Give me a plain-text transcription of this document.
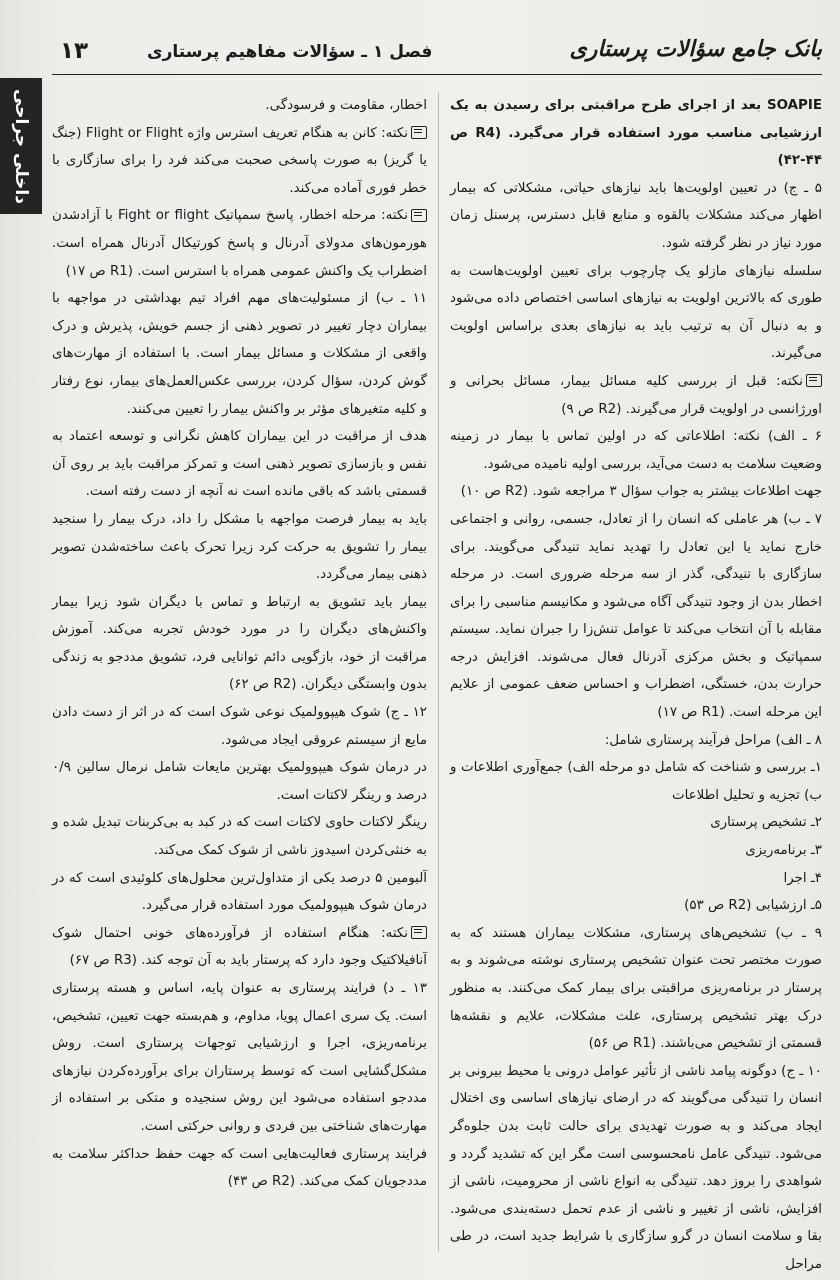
بانک جامع سؤالات پرستاری
فصل ۱ ـ سؤالات مفاهیم پرستاری
۱۳
داخلی جراحی	SOAPIE بعد از اجرای طرح مراقبتی برای رسیدن به یک ارزشیابی مناسب مورد استفاده قرار می‌گیرد. (R4 ص ۴۴-۴۲)

۵ ـ ج) در تعیین اولویت‌ها باید نیازهای حیاتی، مشکلاتی که بیمار اظهار می‌کند مشکلات بالقوه و منابع قابل دسترس، پرسنل زمان مورد نیاز در نظر گرفته شود.

سلسله نیازهای مازلو یک چارچوب برای تعیین اولویت‌هاست به طوری که بالاترین اولویت به نیازهای اساسی اختصاص داده می‌شود و به دنبال آن به ترتیب باید به نیازهای بعدی براساس اولویت می‌گیرند.

نکته: قبل از بررسی کلیه مسائل بیمار، مسائل بحرانی و اورژانسی در اولویت قرار می‌گیرند. (R2 ص ۹)

۶ ـ الف) نکته: اطلاعاتی که در اولین تماس با بیمار در زمینه وضعیت سلامت به دست می‌آید، بررسی اولیه نامیده می‌شود.

جهت اطلاعات بیشتر به جواب سؤال ۳ مراجعه شود. (R2 ص ۱۰)

۷ ـ ب) هر عاملی که انسان را از تعادل، جسمی، روانی و اجتماعی خارج نماید یا این تعادل را تهدید نماید تنیدگی می‌گویند. برای سازگاری با تنیدگی، گذر از سه مرحله ضروری است. در مرحله اخطار بدن از وجود تنیدگی آگاه می‌شود و مکانیسم مناسبی را برای مقابله با آن انتخاب می‌کند تا عوامل تنش‌زا را جبران نماید. سیستم سمپاتیک و بخش مرکزی آدرنال فعال می‌شوند. افزایش درجه حرارت بدن، خستگی، اضطراب و احساس ضعف عمومی از علایم این مرحله است. (R1 ص ۱۷)

۸ ـ الف) مراحل فرآیند پرستاری شامل:

۱ـ بررسی و شناخت که شامل دو مرحله الف) جمع‌آوری اطلاعات و ب) تجزیه و تحلیل اطلاعات

۲ـ تشخیص پرستاری

۳ـ برنامه‌ریزی

۴ـ اجرا

۵ـ ارزشیابی (R2 ص ۵۳)

۹ ـ ب) تشخیص‌های پرستاری، مشکلات بیماران هستند که به صورت مختصر تحت عنوان تشخیص پرستاری نوشته می‌شوند و به پرستار در برنامه‌ریزی مراقبتی برای بیمار کمک می‌کنند. به منظور درک بهتر تشخیص پرستاری، علت مشکلات، علایم و نقشه‌ها قسمتی از تشخیص می‌باشند. (R1 ص ۵۶)

۱۰ ـ ج) دوگونه پیامد ناشی از تأثیر عوامل درونی یا محیط بیرونی بر انسان را تنیدگی می‌گویند که در ارضای نیازهای اساسی وی اختلال ایجاد می‌کند و به صورت تهدیدی برای حالت ثابت بدن جلوه‌گر می‌شود. تنیدگی عامل نامحسوسی است مگر این که تشدید گردد و شواهدی را بروز دهد. تنیدگی به انواع ناشی از محرومیت، ناشی از افزایش، ناشی از تغییر و ناشی از عدم تحمل دسته‌بندی می‌شود. بقا و سلامت انسان در گرو سازگاری با شرایط جدید است، در طی مراحل

اخطار، مقاومت و فرسودگی.

نکته: کانن به هنگام تعریف استرس واژه Flight or Flight (جنگ یا گریز) به صورت پاسخی صحبت می‌کند فرد را برای سازگاری با خطر فوری آماده می‌کند.

نکته: مرحله اخطار، پاسخ سمپاتیک Fight or flight با آزادشدن هورمون‌های مدولای آدرنال و پاسخ کورتیکال آدرنال همراه است. اضطراب یک واکنش عمومی همراه با استرس است. (R1 ص ۱۷)

۱۱ ـ ب) از مسئولیت‌های مهم افراد تیم بهداشتی در مواجهه با بیماران دچار تغییر در تصویر ذهنی از جسم خویش، پذیرش و درک واقعی از مشکلات و مسائل بیمار است. با استفاده از مهارت‌های گوش کردن، سؤال کردن، بررسی عکس‌العمل‌های بیمار، نوع رفتار و کلیه متغیرهای مؤثر بر واکنش بیمار را تعیین می‌کنند.

هدف از مراقبت در این بیماران کاهش نگرانی و توسعه اعتماد به نفس و بازسازی تصویر ذهنی است و تمرکز مراقبت باید بر روی آن قسمتی باشد که باقی مانده است نه آنچه از دست رفته است.

باید به بیمار فرصت مواجهه با مشکل را داد، درک بیمار را سنجید بیمار را تشویق به حرکت کرد زیرا تحرک باعث ساخته‌شدن تصویر ذهنی بیمار می‌گردد.

بیمار باید تشویق به ارتباط و تماس با دیگران شود زیرا بیمار واکنش‌های دیگران را در مورد خودش تجربه می‌کند. آموزش مراقبت از خود، بازگویی دائم توانایی فرد، تشویق مددجو به زندگی بدون وابستگی دیگران. (R2 ص ۶۲)

۱۲ ـ ج) شوک هیپوولمیک نوعی شوک است که در اثر از دست دادن مایع از سیستم عروقی ایجاد می‌شود.

در درمان شوک هیپوولمیک بهترین مایعات شامل نرمال سالین ۰/۹ درصد و رینگر لاکتات است.

رینگر لاکتات حاوی لاکتات است که در کبد به بی‌کربنات تبدیل شده و به خنثی‌کردن اسیدوز ناشی از شوک کمک می‌کند.

آلبومین ۵ درصد یکی از متداول‌ترین محلول‌های کلوئیدی است که در درمان شوک هیپوولمیک مورد استفاده قرار می‌گیرد.

نکته: هنگام استفاده از فرآورده‌های خونی احتمال شوک آنافیلاکتیک وجود دارد که پرستار باید به آن توجه کند. (R3 ص ۶۷)

۱۳ ـ د) فرایند پرستاری به عنوان پایه، اساس و هسته پرستاری است. یک سری اعمال پویا، مداوم، و هم‌بسته جهت تعیین، تشخیص، برنامه‌ریزی، اجرا و ارزشیابی توجهات پرستاری است. روش مشکل‌گشایی است که توسط پرستاران برای برآورده‌کردن نیازهای مددجو استفاده می‌شود این روش سنجیده و متکی بر استفاده از مهارت‌های شناختی بین فردی و روانی حرکتی است.

فرایند پرستاری فعالیت‌هایی است که جهت حفظ حداکثر سلامت به مددجویان کمک می‌کند. (R2 ص ۴۳)
